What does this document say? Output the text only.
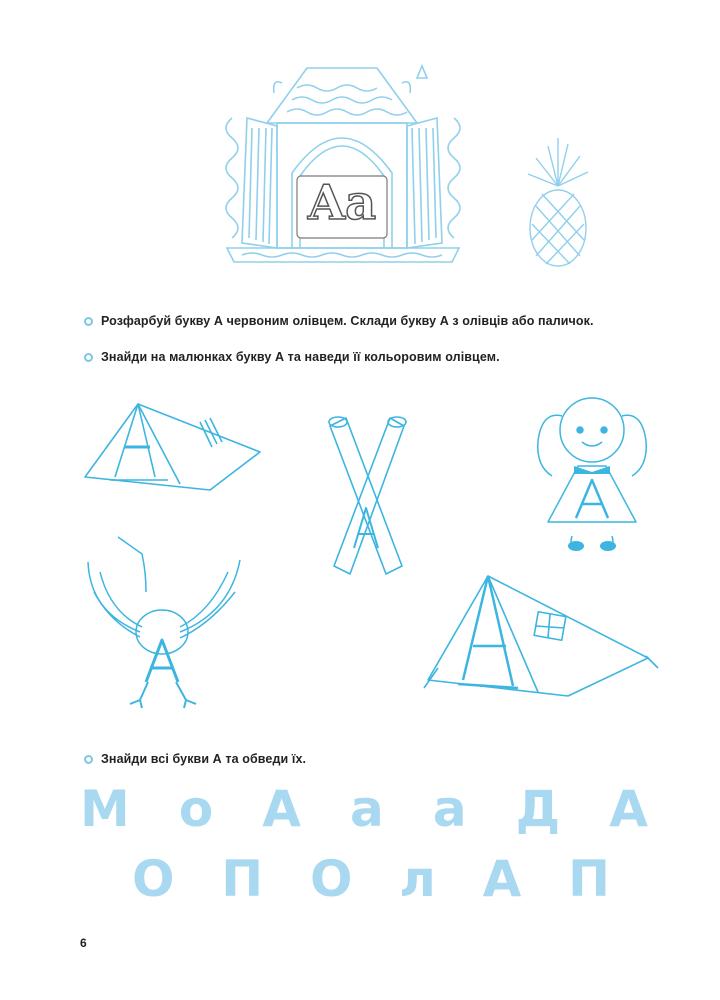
Aa
Розфарбуй букву А червоним олівцем. Склади букву А з олівців або паличок.
Знайди на малюнках букву А та наведи її кольоровим олівцем.
Знайди всі букви А та обведи їх.
М о А а а Д А
О П О л А П
6
